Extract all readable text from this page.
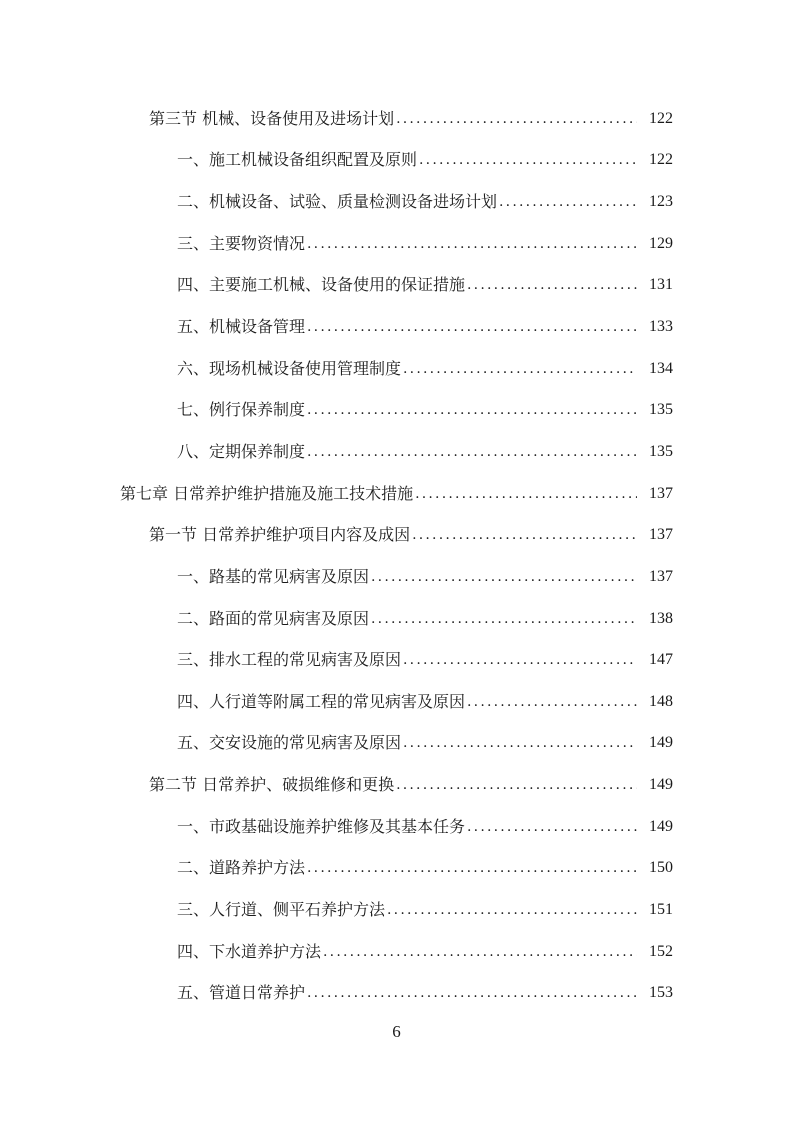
第三节 机械、设备使用及进场计划 .....	122
一、施工机械设备组织配置及原则 .....	122
二、机械设备、试验、质量检测设备进场计划 .....	123
三、主要物资情况 .....	129
四、主要施工机械、设备使用的保证措施 .....	131
五、机械设备管理 .....	133
六、现场机械设备使用管理制度 .....	134
七、例行保养制度 .....	135
八、定期保养制度 .....	135
第七章 日常养护维护措施及施工技术措施 .....	137
第一节 日常养护维护项目内容及成因 .....	137
一、路基的常见病害及原因 .....	137
二、路面的常见病害及原因 .....	138
三、排水工程的常见病害及原因 .....	147
四、人行道等附属工程的常见病害及原因 .....	148
五、交安设施的常见病害及原因 .....	149
第二节 日常养护、破损维修和更换 .....	149
一、市政基础设施养护维修及其基本任务 .....	149
二、道路养护方法 .....	150
三、人行道、侧平石养护方法 .....	151
四、下水道养护方法 .....	152
五、管道日常养护 .....	153
6
